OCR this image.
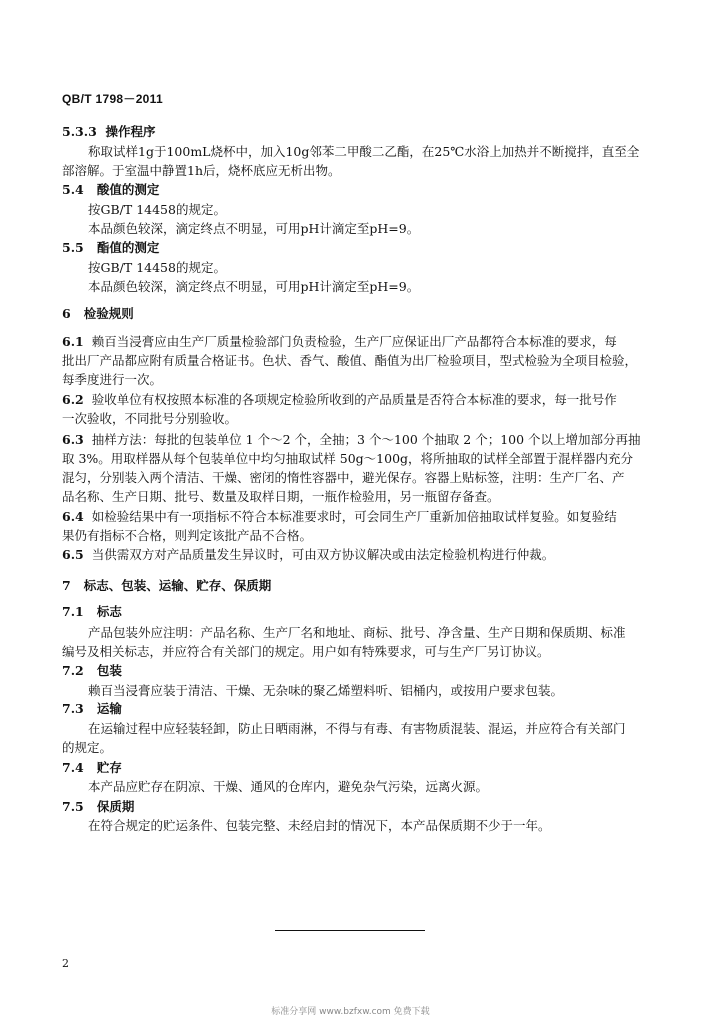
QB/T 1798－2011
5.3.3 操作程序
称取试样1g于100mL烧杯中，加入10g邻苯二甲酸二乙酯，在25℃水浴上加热并不断搅拌，直至全
部溶解。于室温中静置1h后，烧杯底应无析出物。
5.4 酸值的测定
按GB/T 14458的规定。
本品颜色较深，滴定终点不明显，可用pH计滴定至pH=9。
5.5 酯值的测定
按GB/T 14458的规定。
本品颜色较深，滴定终点不明显，可用pH计滴定至pH=9。
6 检验规则
6.1 赖百当浸膏应由生产厂质量检验部门负责检验，生产厂应保证出厂产品都符合本标准的要求，每
批出厂产品都应附有质量合格证书。色状、香气、酸值、酯值为出厂检验项目，型式检验为全项目检验，
每季度进行一次。
6.2 验收单位有权按照本标准的各项规定检验所收到的产品质量是否符合本标准的要求，每一批号作
一次验收，不同批号分别验收。
6.3 抽样方法：每批的包装单位 1 个～2 个，全抽；3 个～100 个抽取 2 个；100 个以上增加部分再抽
取 3%。用取样器从每个包装单位中均匀抽取试样 50g～100g，将所抽取的试样全部置于混样器内充分
混匀，分别装入两个清洁、干燥、密闭的惰性容器中，避光保存。容器上贴标签，注明：生产厂名、产
品名称、生产日期、批号、数量及取样日期，一瓶作检验用，另一瓶留存备查。
6.4 如检验结果中有一项指标不符合本标准要求时，可会同生产厂重新加倍抽取试样复验。如复验结
果仍有指标不合格，则判定该批产品不合格。
6.5 当供需双方对产品质量发生异议时，可由双方协议解决或由法定检验机构进行仲裁。
7 标志、包装、运输、贮存、保质期
7.1 标志
产品包装外应注明：产品名称、生产厂名和地址、商标、批号、净含量、生产日期和保质期、标准
编号及相关标志，并应符合有关部门的规定。用户如有特殊要求，可与生产厂另订协议。
7.2 包装
赖百当浸膏应装于清洁、干燥、无杂味的聚乙烯塑料听、铝桶内，或按用户要求包装。
7.3 运输
在运输过程中应轻装轻卸，防止日晒雨淋，不得与有毒、有害物质混装、混运，并应符合有关部门
的规定。
7.4 贮存
本产品应贮存在阴凉、干燥、通风的仓库内，避免杂气污染，远离火源。
7.5 保质期
在符合规定的贮运条件、包装完整、未经启封的情况下，本产品保质期不少于一年。
2
标准分享网 www.bzfxw.com 免费下载
